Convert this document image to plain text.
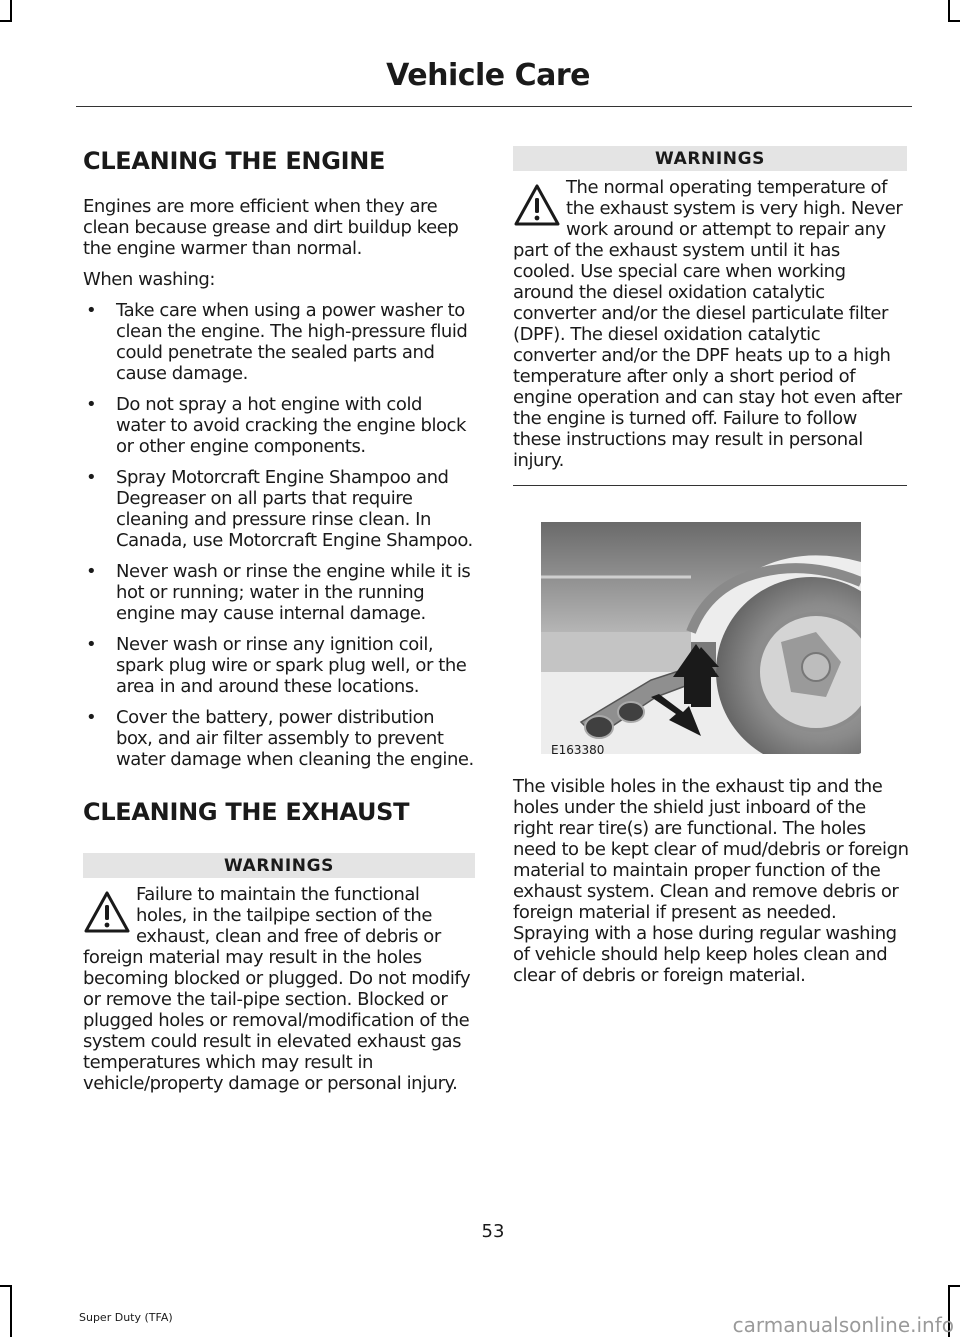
Vehicle Care
CLEANING THE ENGINE

Engines are more efficient when they are clean because grease and dirt buildup keep the engine warmer than normal.

When washing:

• Take care when using a power washer to clean the engine. The high-pressure fluid could penetrate the sealed parts and cause damage.
• Do not spray a hot engine with cold water to avoid cracking the engine block or other engine components.
• Spray Motorcraft Engine Shampoo and Degreaser on all parts that require cleaning and pressure rinse clean. In Canada, use Motorcraft Engine Shampoo.
• Never wash or rinse the engine while it is hot or running; water in the running engine may cause internal damage.
• Never wash or rinse any ignition coil, spark plug wire or spark plug well, or the area in and around these locations.
• Cover the battery, power distribution box, and air filter assembly to prevent water damage when cleaning the engine.
CLEANING THE EXHAUST
WARNINGS

Failure to maintain the functional holes, in the tailpipe section of the exhaust, clean and free of debris or foreign material may result in the holes becoming blocked or plugged. Do not modify or remove the tail-pipe section. Blocked or plugged holes or removal/modification of the system could result in elevated exhaust gas temperatures which may result in vehicle/property damage or personal injury.

WARNINGS

The normal operating temperature of the exhaust system is very high. Never work around or attempt to repair any part of the exhaust system until it has cooled. Use special care when working around the diesel oxidation catalytic converter and/or the diesel particulate filter (DPF). The diesel oxidation catalytic converter and/or the DPF heats up to a high temperature after only a short period of engine operation and can stay hot even after the engine is turned off. Failure to follow these instructions may result in personal injury.

E163380

The visible holes in the exhaust tip and the holes under the shield just inboard of the right rear tire(s) are functional. The holes need to be kept clear of mud/debris or foreign material to maintain proper function of the exhaust system. Clean and remove debris or foreign material if present as needed. Spraying with a hose during regular washing of vehicle should help keep holes clean and clear of debris or foreign material.

53
Super Duty (TFA)	carmanualsonline.info
